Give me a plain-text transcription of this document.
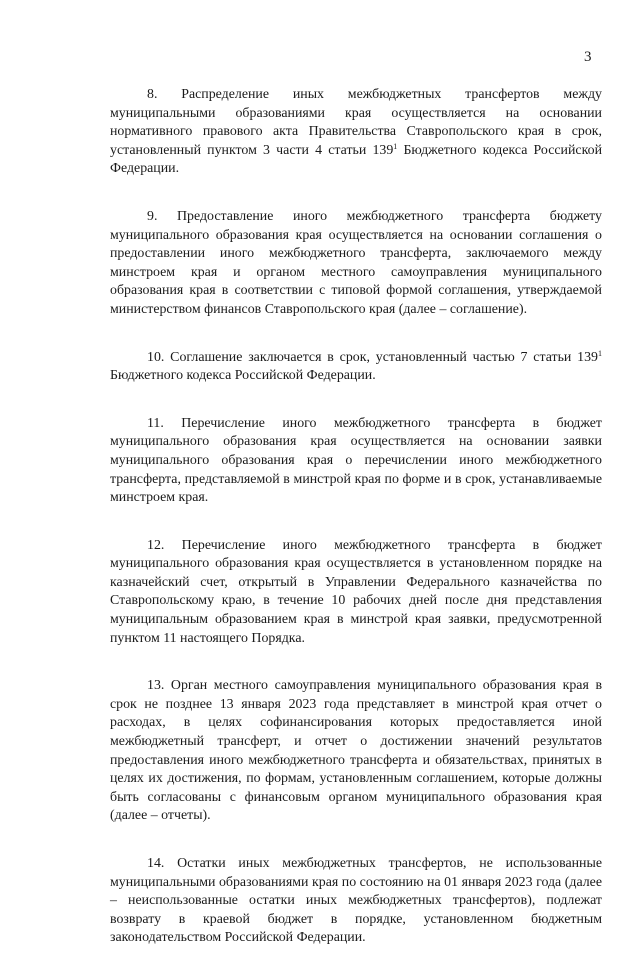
3

8. Распределение иных межбюджетных трансфертов между муниципальными образованиями края осуществляется на основании нормативного правового акта Правительства Ставропольского края в срок, установленный пунктом 3 части 4 статьи $139^1$ Бюджетного кодекса Российской Федерации.

9. Предоставление иного межбюджетного трансферта бюджету муниципального образования края осуществляется на основании соглашения о предоставлении иного межбюджетного трансферта, заключаемого между минстроем края и органом местного самоуправления муниципального образования края в соответствии с типовой формой соглашения, утверждаемой министерством финансов Ставропольского края (далее – соглашение).

10. Соглашение заключается в срок, установленный частью 7 статьи $139^1$ Бюджетного кодекса Российской Федерации.

11. Перечисление иного межбюджетного трансферта в бюджет муниципального образования края осуществляется на основании заявки муниципального образования края о перечислении иного межбюджетного трансферта, представляемой в минстрой края по форме и в срок, устанавливаемые минстроем края.

12. Перечисление иного межбюджетного трансферта в бюджет муниципального образования края осуществляется в установленном порядке на казначейский счет, открытый в Управлении Федерального казначейства по Ставропольскому краю, в течение 10 рабочих дней после дня представления муниципальным образованием края в минстрой края заявки, предусмотренной пунктом 11 настоящего Порядка.

13. Орган местного самоуправления муниципального образования края в срок не позднее 13 января 2023 года представляет в минстрой края отчет о расходах, в целях софинансирования которых предоставляется иной межбюджетный трансферт, и отчет о достижении значений результатов предоставления иного межбюджетного трансферта и обязательствах, принятых в целях их достижения, по формам, установленным соглашением, которые должны быть согласованы с финансовым органом муниципального образования края (далее – отчеты).

14. Остатки иных межбюджетных трансфертов, не использованные муниципальными образованиями края по состоянию на 01 января 2023 года (далее – неиспользованные остатки иных межбюджетных трансфертов), подлежат возврату в краевой бюджет в порядке, установленном бюджетным законодательством Российской Федерации.
